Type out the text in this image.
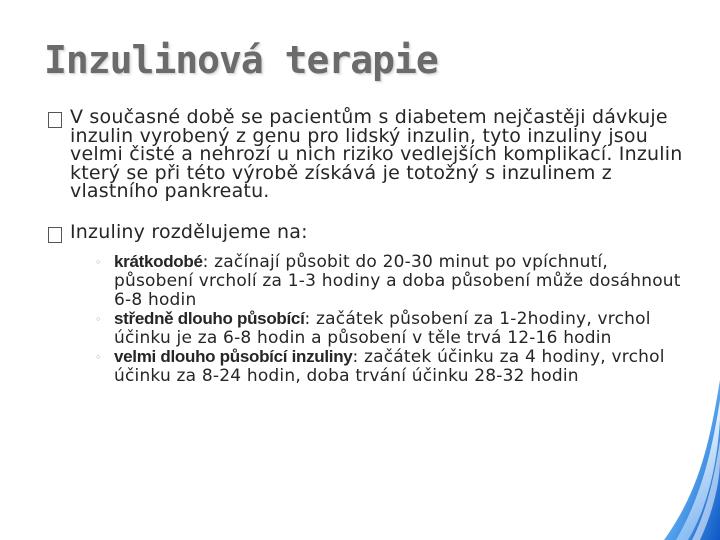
Inzulinová terapie
V současné době se pacientům s diabetem nejčastěji dávkuje inzulin vyrobený z genu pro lidský inzulin, tyto inzuliny jsou velmi čisté a nehrozí u nich riziko vedlejších komplikací. Inzulin který se při této výrobě získává je totožný s inzulinem z vlastního pankreatu.
Inzuliny rozdělujeme na:
◦ krátkodobé: začínají působit do 20-30 minut po vpíchnutí, působení vrcholí za 1-3 hodiny a doba působení může dosáhnout 6-8 hodin
◦ středně dlouho působící: začátek působení za 1-2hodiny, vrchol účinku je za 6-8 hodin a působení v těle trvá 12-16 hodin
◦ velmi dlouho působící inzuliny: začátek účinku za 4 hodiny, vrchol účinku za 8-24 hodin, doba trvání účinku 28-32 hodin
